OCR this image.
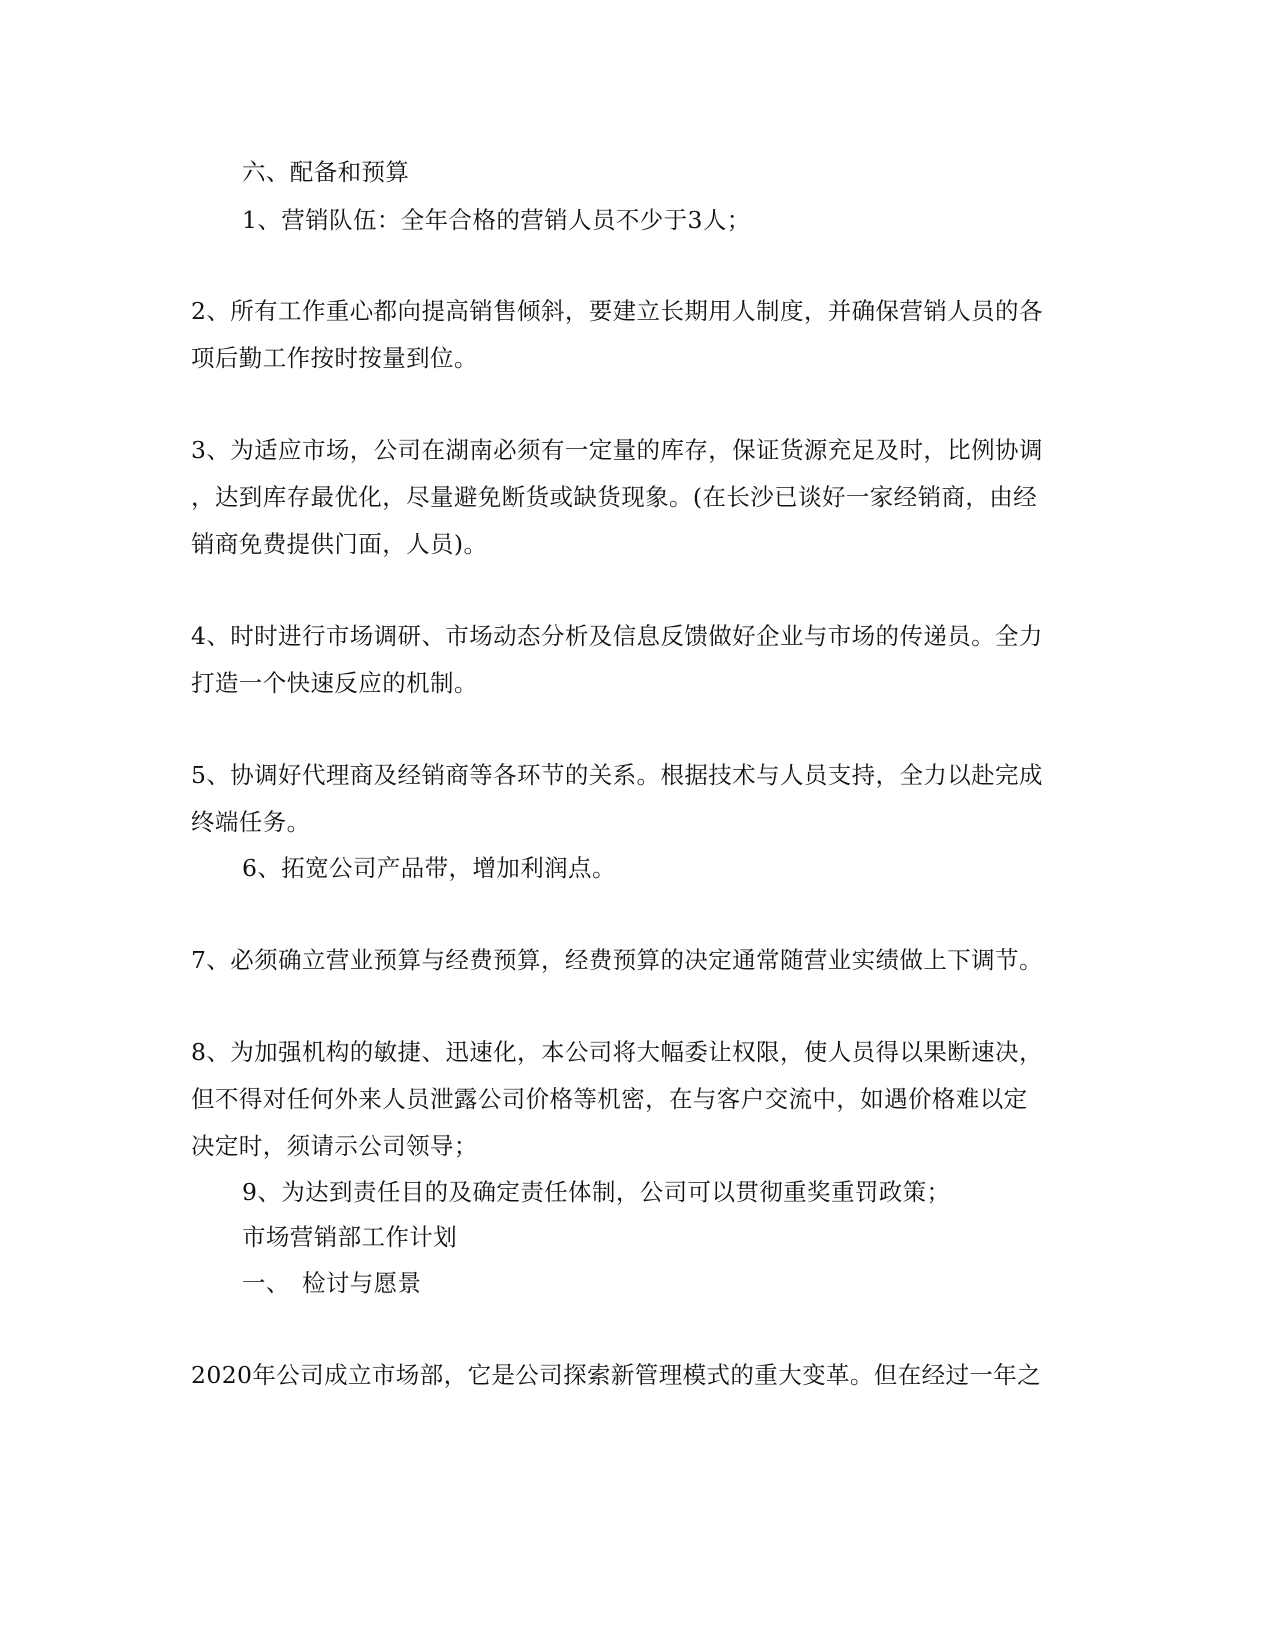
六、配备和预算
1、营销队伍：全年合格的营销人员不少于3人；
2、所有工作重心都向提高销售倾斜，要建立长期用人制度，并确保营销人员的各
项后勤工作按时按量到位。
3、为适应市场，公司在湖南必须有一定量的库存，保证货源充足及时，比例协调
，达到库存最优化，尽量避免断货或缺货现象。(在长沙已谈好一家经销商，由经
销商免费提供门面，人员)。
4、时时进行市场调研、市场动态分析及信息反馈做好企业与市场的传递员。全力
打造一个快速反应的机制。
5、协调好代理商及经销商等各环节的关系。根据技术与人员支持，全力以赴完成
终端任务。
6、拓宽公司产品带，增加利润点。
7、必须确立营业预算与经费预算，经费预算的决定通常随营业实绩做上下调节。
8、为加强机构的敏捷、迅速化，本公司将大幅委让权限，使人员得以果断速决，
但不得对任何外来人员泄露公司价格等机密，在与客户交流中，如遇价格难以定
决定时，须请示公司领导；
9、为达到责任目的及确定责任体制，公司可以贯彻重奖重罚政策；
市场营销部工作计划
一、　检讨与愿景
2020年公司成立市场部，它是公司探索新管理模式的重大变革。但在经过一年之
